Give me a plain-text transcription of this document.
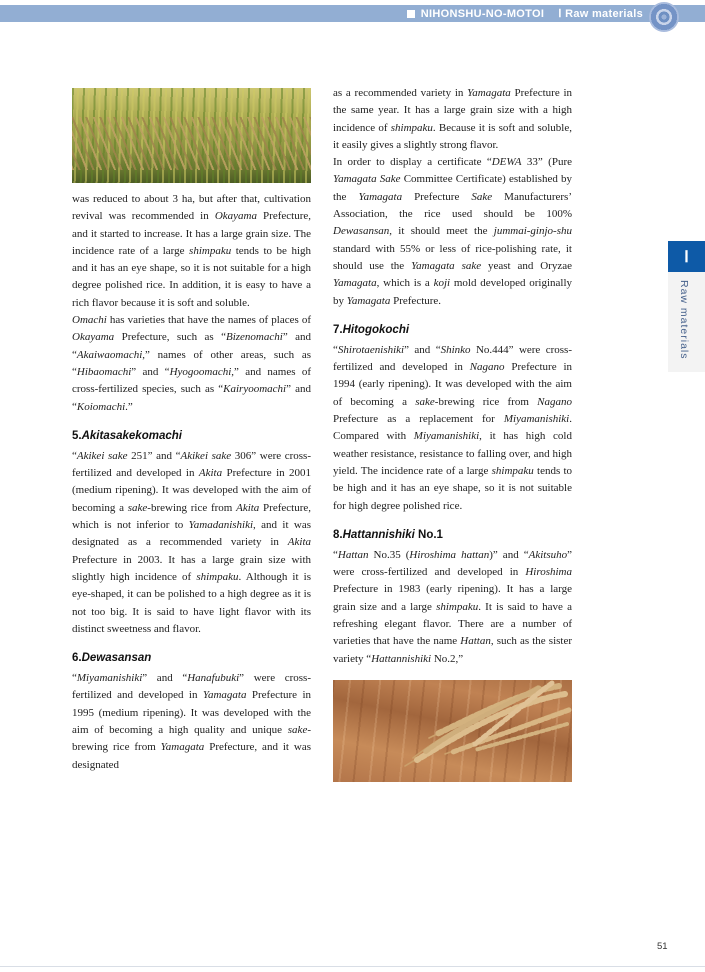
NIHONSHU-NO-MOTOI Ⅰ Raw materials

was reduced to about 3 ha, but after that, cultivation revival was recommended in Okayama Prefecture, and it started to increase. It has a large grain size. The incidence rate of a large shimpaku tends to be high and it has an eye shape, so it is not suitable for a high degree polished rice. In addition, it is easy to have a rich flavor because it is soft and soluble.

Omachi has varieties that have the names of places of Okayama Prefecture, such as “Bizenomachi” and “Akaiwaomachi,” names of other areas, such as “Hibaomachi” and “Hyogoomachi,” and names of cross-fertilized species, such as “Kairyoomachi” and “Koiomachi.”

5.Akitasakekomachi

“Akikei sake 251” and “Akikei sake 306” were cross-fertilized and developed in Akita Prefecture in 2001 (medium ripening). It was developed with the aim of becoming a sake-brewing rice from Akita Prefecture, which is not inferior to Yamadanishiki, and it was designated as a recommended variety in Akita Prefecture in 2003. It has a large grain size with slightly high incidence of shimpaku. Although it is eye-shaped, it can be polished to a high degree as it is not too big. It is said to have light flavor with its distinct sweetness and flavor.

6.Dewasansan

“Miyamanishiki” and “Hanafubuki” were cross-fertilized and developed in Yamagata Prefecture in 1995 (medium ripening). It was developed with the aim of becoming a high quality and unique sake-brewing rice from Yamagata Prefecture, and it was designated

as a recommended variety in Yamagata Prefecture in the same year. It has a large grain size with a high incidence of shimpaku. Because it is soft and soluble, it easily gives a slightly strong flavor.

In order to display a certificate “DEWA 33” (Pure Yamagata Sake Committee Certificate) established by the Yamagata Prefecture Sake Manufacturers’ Association, the rice used should be 100% Dewasansan, it should meet the jummai-ginjo-shu standard with 55% or less of rice-polishing rate, it should use the Yamagata sake yeast and Oryzae Yamagata, which is a koji mold developed originally by Yamagata Prefecture.

7.Hitogokochi

“Shirotaenishiki” and “Shinko No.444” were cross-fertilized and developed in Nagano Prefecture in 1994 (early ripening). It was developed with the aim of becoming a sake-brewing rice from Nagano Prefecture as a replacement for Miyamanishiki. Compared with Miyamanishiki, it has high cold weather resistance, resistance to falling over, and high yield. The incidence rate of a large shimpaku tends to be high and it has an eye shape, so it is not suitable for high degree polished rice.

8.Hattannishiki No.1

“Hattan No.35 (Hiroshima hattan)” and “Akitsuho” were cross-fertilized and developed in Hiroshima Prefecture in 1983 (early ripening). It has a large grain size and a large shimpaku. It is said to have a refreshing elegant flavor. There are a number of varieties that have the name Hattan, such as the sister variety “Hattannishiki No.2,”

Ⅰ
Raw materials
51
